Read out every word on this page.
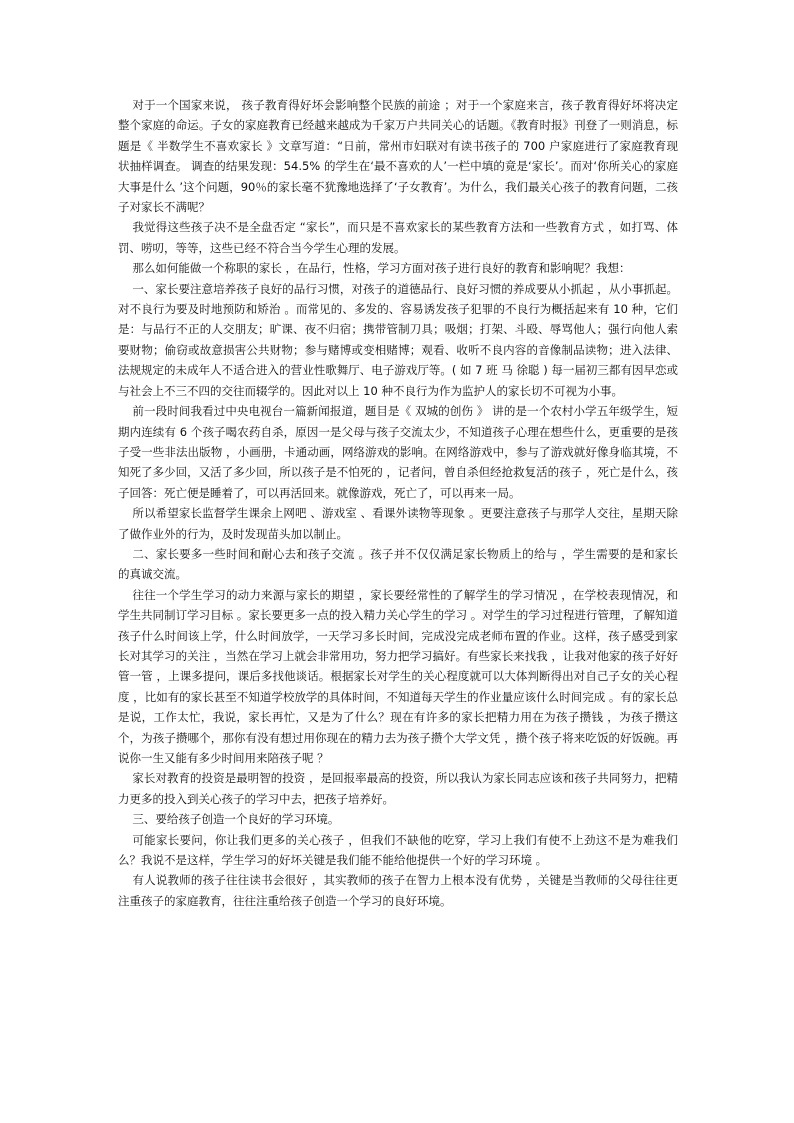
对于一个国家来说， 孩子教育得好坏会影响整个民族的前途 ；对于一个家庭来言，孩子教育得好坏将决定整个家庭的命运。子女的家庭教育已经越来越成为千家万户共同关心的话题。《教育时报》刊登了一则消息，标题是《 半数学生不喜欢家长 》文章写道：“日前，常州市妇联对有读书孩子的 700 户家庭进行了家庭教育现状抽样调查。 调查的结果发现：54.5% 的学生在‘最不喜欢的人’一栏中填的竟是‘家长’。而对‘你所关心的家庭大事是什么 ’这个问题，90％的家长毫不犹豫地选择了‘子女教育’。为什么，我们最关心孩子的教育问题，二孩子对家长不满呢？

我觉得这些孩子决不是全盘否定 “家长”，而只是不喜欢家长的某些教育方法和一些教育方式 ，如打骂、体罚、唠叨，等等，这些已经不符合当今学生心理的发展。

那么如何能做一个称职的家长 ，在品行，性格，学习方面对孩子进行良好的教育和影响呢？我想：

一、家长要注意培养孩子良好的品行习惯，对孩子的道德品行、良好习惯的养成要从小抓起 ，从小事抓起。对不良行为要及时地预防和矫治 。而常见的、多发的、容易诱发孩子犯罪的不良行为概括起来有 10 种，它们是：与品行不正的人交朋友；旷课、夜不归宿；携带管制刀具；吸烟；打架、斗殴、辱骂他人；强行向他人索要财物；偷窃或故意损害公共财物；参与赌博或变相赌博；观看、收听不良内容的音像制品读物；进入法律、法规规定的未成年人不适合进入的营业性歌舞厅、电子游戏厅等。( 如 7 班 马 徐聪 ) 每一届初三都有因早恋或与社会上不三不四的交往而辍学的。因此对以上 10 种不良行为作为监护人的家长切不可视为小事。

前一段时间我看过中央电视台一篇新闻报道，题目是《 双城的创伤 》 讲的是一个农村小学五年级学生，短期内连续有 6 个孩子喝农药自杀，原因一是父母与孩子交流太少，不知道孩子心理在想些什么，更重要的是孩子受一些非法出版物 ，小画册，卡通动画，网络游戏的影响。在网络游戏中，参与了游戏就好像身临其境，不知死了多少回，又活了多少回，所以孩子是不怕死的 ，记者问，曾自杀但经抢救复活的孩子 ，死亡是什么，孩子回答：死亡便是睡着了，可以再活回来。就像游戏，死亡了，可以再来一局。

所以希望家长监督学生课余上网吧 、游戏室 、看课外读物等现象 。更要注意孩子与那学人交往，星期天除了做作业外的行为，及时发现苗头加以制止。

二、家长要多一些时间和耐心去和孩子交流 。孩子并不仅仅满足家长物质上的给与 ，学生需要的是和家长的真诚交流。

往往一个学生学习的动力来源与家长的期望 ，家长要经常性的了解学生的学习情况 ，在学校表现情况，和学生共同制订学习目标 。家长要更多一点的投入精力关心学生的学习 。对学生的学习过程进行管理，了解知道孩子什么时间该上学，什么时间放学，一天学习多长时间，完成没完成老师布置的作业。这样，孩子感受到家长对其学习的关注 ，当然在学习上就会非常用功，努力把学习搞好。有些家长来找我 ，让我对他家的孩子好好管一管 ，上课多提问，课后多找他谈话。根据家长对学生的关心程度就可以大体判断得出对自己子女的关心程度 ，比如有的家长甚至不知道学校放学的具体时间，不知道每天学生的作业量应该什么时间完成 。有的家长总是说，工作太忙，我说，家长再忙，又是为了什么？现在有许多的家长把精力用在为孩子攒钱 ，为孩子攒这个，为孩子攒哪个，那你有没有想过用你现在的精力去为孩子攒个大学文凭 ，攒个孩子将来吃饭的好饭碗。再说你一生又能有多少时间用来陪孩子呢 ？

家长对教育的投资是最明智的投资 ，是回报率最高的投资，所以我认为家长同志应该和孩子共同努力，把精力更多的投入到关心孩子的学习中去，把孩子培养好。

三、要给孩子创造一个良好的学习环境。

可能家长要问，你让我们更多的关心孩子 ，但我们不缺他的吃穿，学习上我们有使不上劲这不是为难我们么？我说不是这样，学生学习的好坏关键是我们能不能给他提供一个好的学习环境 。

有人说教师的孩子往往读书会很好 ，其实教师的孩子在智力上根本没有优势 ，关键是当教师的父母往往更注重孩子的家庭教育，往往注重给孩子创造一个学习的良好环境。
